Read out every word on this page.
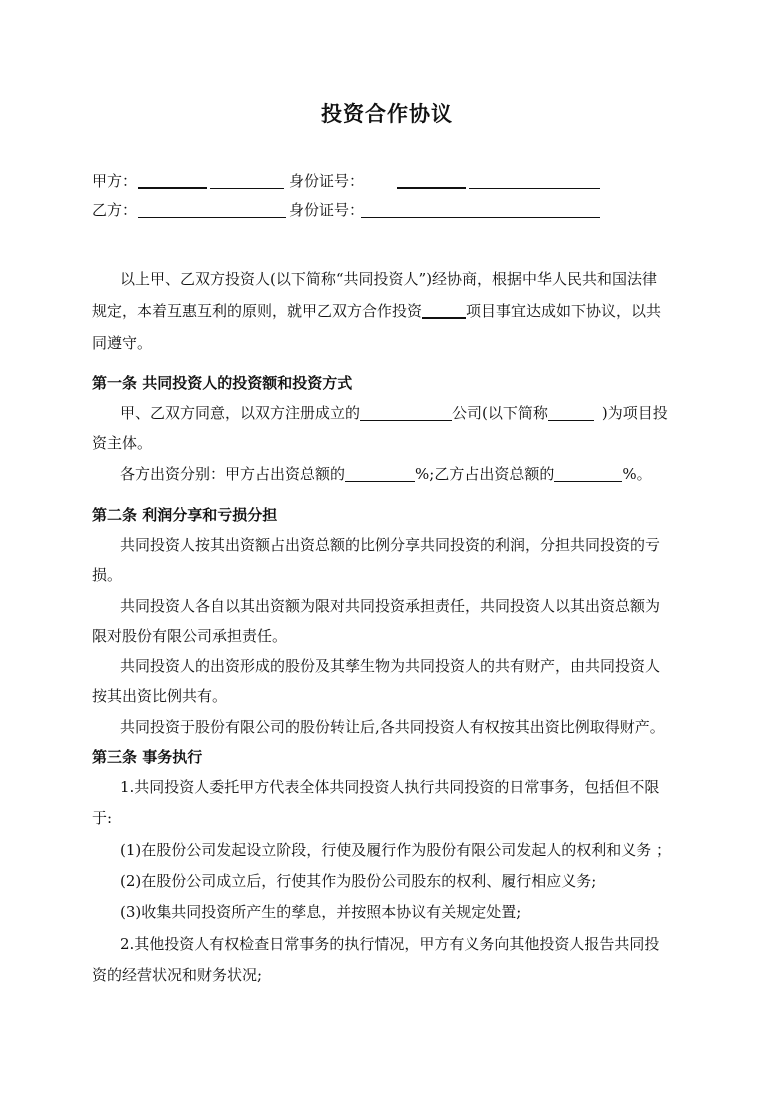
投资合作协议
甲方：	身份证号：
乙方：	身份证号：
以上甲、乙双方投资人(以下简称“共同投资人”)经协商，根据中华人民共和国法律
规定，本着互惠互利的原则，就甲乙双方合作投资	项目事宜达成如下协议，以共
同遵守。
第一条 共同投资人的投资额和投资方式
甲、乙双方同意，以双方注册成立的	公司(以下简称	)为项目投
资主体。
各方出资分别：甲方占出资总额的	%;乙方占出资总额的	%。
第二条 利润分享和亏损分担
共同投资人按其出资额占出资总额的比例分享共同投资的利润，分担共同投资的亏
损。
共同投资人各自以其出资额为限对共同投资承担责任，共同投资人以其出资总额为
限对股份有限公司承担责任。
共同投资人的出资形成的股份及其孳生物为共同投资人的共有财产，由共同投资人
按其出资比例共有。
共同投资于股份有限公司的股份转让后,各共同投资人有权按其出资比例取得财产。
第三条 事务执行
1.共同投资人委托甲方代表全体共同投资人执行共同投资的日常事务，包括但不限
于:
(1)在股份公司发起设立阶段，行使及履行作为股份有限公司发起人的权利和义务 ；
(2)在股份公司成立后，行使其作为股份公司股东的权利、履行相应义务;
(3)收集共同投资所产生的孳息，并按照本协议有关规定处置;
2.其他投资人有权检查日常事务的执行情况，甲方有义务向其他投资人报告共同投
资的经营状况和财务状况;
